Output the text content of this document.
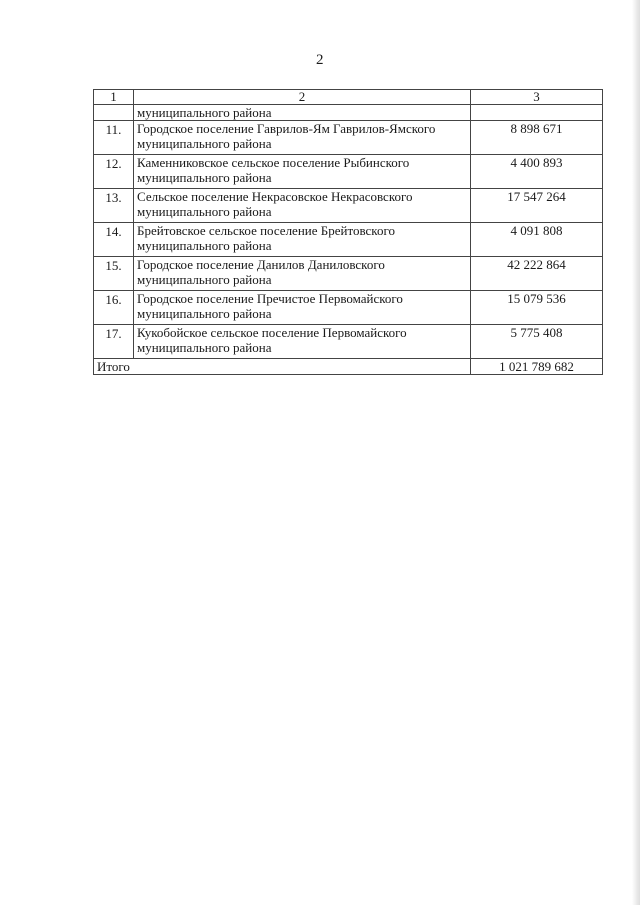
2
1	2	3
	муниципального района	
11.	Городское поселение Гаврилов-Ям Гаврилов-Ямского муниципального района	8 898 671
12.	Каменниковское сельское поселение Рыбинского муниципального района	4 400 893
13.	Сельское поселение Некрасовское Некрасовского муниципального района	17 547 264
14.	Брейтовское сельское поселение Брейтовского муниципального района	4 091 808
15.	Городское поселение Данилов Даниловского муниципального района	42 222 864
16.	Городское поселение Пречистое Первомайского муниципального района	15 079 536
17.	Кукобойское сельское поселение Первомайского муниципального района	5 775 408
Итого		1 021 789 682
